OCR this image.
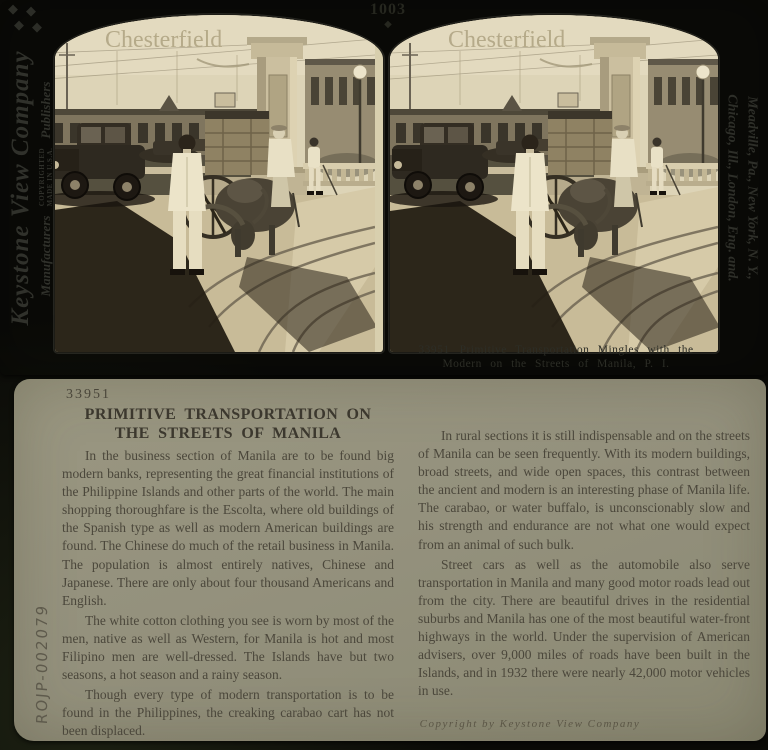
◆ ◆
◆ ◆
1003
◆
Keystone View Company Manufacturers
COPYRIGHTED
MADE IN U.S.A.
Publishers	Meadville, Pa., New York, N. Y.,
Chicago, Ill., London, Eng. and.
33951 Primitive Transportation Mingles with the
Modern on the Streets of Manila, P. I.
ROJP-002079
33951
PRIMITIVE TRANSPORTATION ON
THE STREETS OF MANILA

In the business section of Manila are to be found big modern banks, representing the great financial institutions of the Philippine Islands and other parts of the world. The main shopping thoroughfare is the Escolta, where old buildings of the Spanish type as well as modern American buildings are found. The Chinese do much of the retail business in Manila. The population is almost entirely natives, Chinese and Japanese. There are only about four thousand Americans and English.

The white cotton clothing you see is worn by most of the men, native as well as Western, for Manila is hot and most Filipino men are well-dressed. The Islands have but two seasons, a hot season and a rainy season.

Though every type of modern transportation is to be found in the Philippines, the creaking carabao cart has not been displaced.

In rural sections it is still indispensable and on the streets of Manila can be seen frequently. With its modern buildings, broad streets, and wide open spaces, this contrast between the ancient and modern is an interesting phase of Manila life. The carabao, or water buffalo, is unconscionably slow and his strength and endurance are not what one would expect from an animal of such bulk.

Street cars as well as the automobile also serve transportation in Manila and many good motor roads lead out from the city. There are beautiful drives in the residential suburbs and Manila has one of the most beautiful water-front highways in the world. Under the supervision of American advisers, over 9,000 miles of roads have been built in the Islands, and in 1932 there were nearly 42,000 motor vehicles in use.

Copyright by Keystone View Company
